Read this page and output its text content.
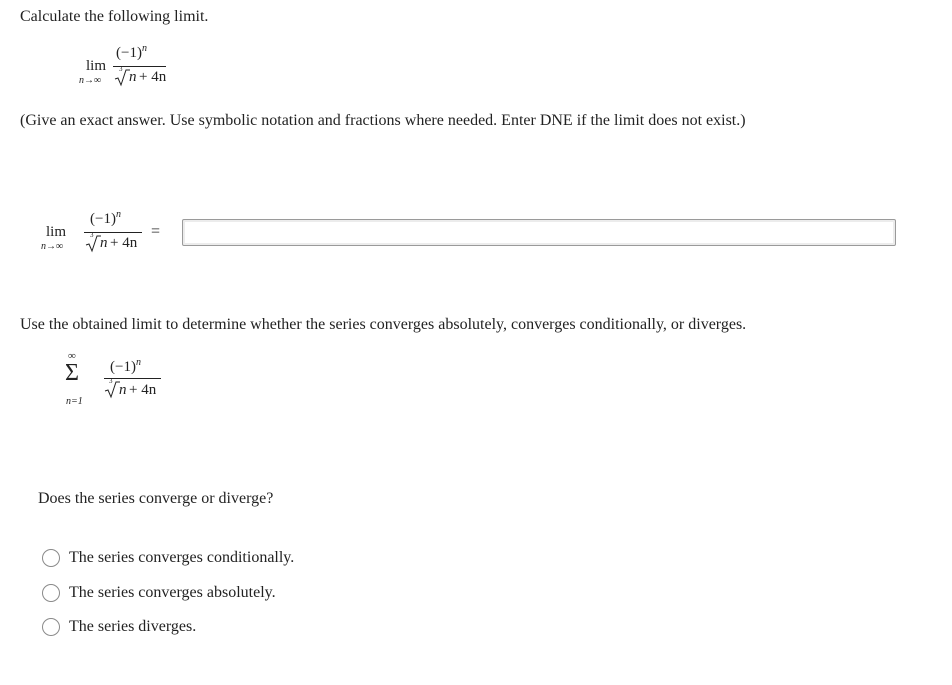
Calculate the following limit.
lim
n→∞
$(-1)^n$
3 n + 4n
(Give an exact answer. Use symbolic notation and fractions where needed. Enter DNE if the limit does not exist.)
lim
n→∞
$(-1)^n$
3 n + 4n
=
Use the obtained limit to determine whether the series converges absolutely, converges conditionally, or diverges.
∞
Σ
n=1
$(-1)^n$
3
n + 4n
Does the series converge or diverge?
The series converges conditionally.
The series converges absolutely.
The series diverges.
